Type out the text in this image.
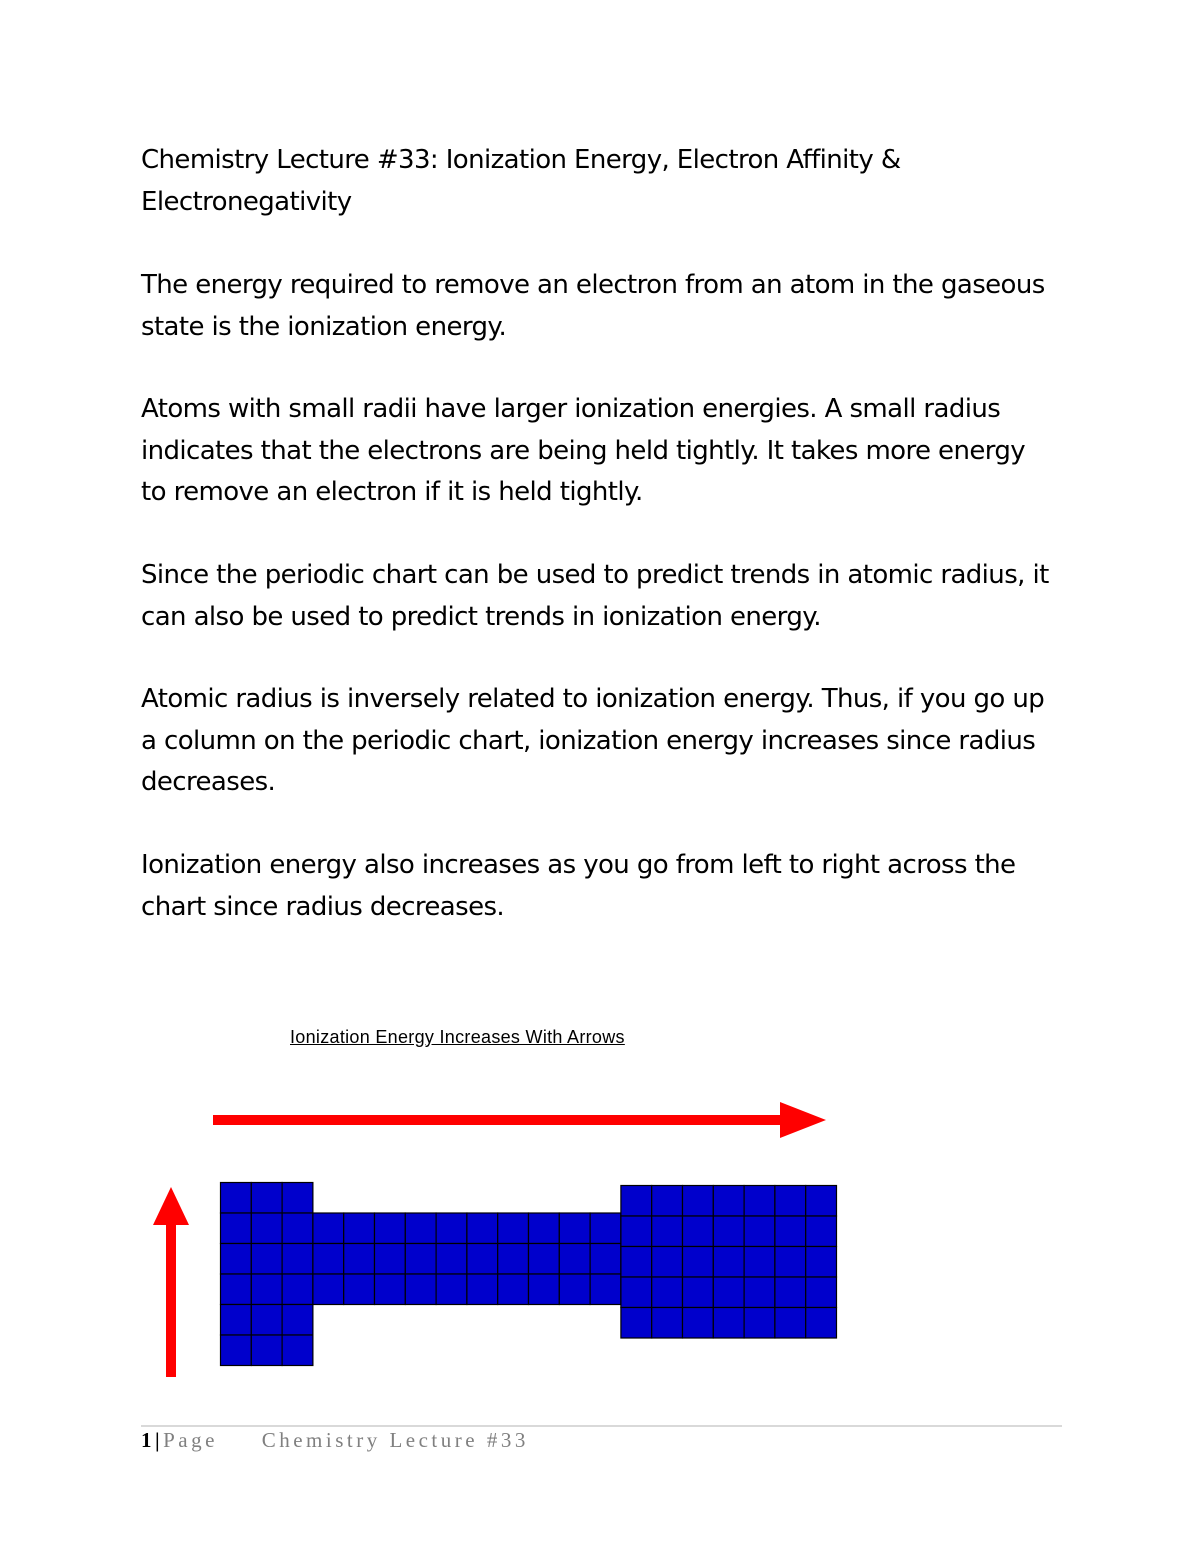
Chemistry Lecture #33: Ionization Energy, Electron Affinity & Electronegativity

The energy required to remove an electron from an atom in the gaseous state is the ionization energy.

Atoms with small radii have larger ionization energies. A small radius indicates that the electrons are being held tightly. It takes more energy to remove an electron if it is held tightly.

Since the periodic chart can be used to predict trends in atomic radius, it can also be used to predict trends in ionization energy.

Atomic radius is inversely related to ionization energy. Thus, if you go up a column on the periodic chart, ionization energy increases since radius decreases.

Ionization energy also increases as you go from left to right across the chart since radius decreases.

Ionization Energy Increases With Arrows

1|Page Chemistry Lecture #33
